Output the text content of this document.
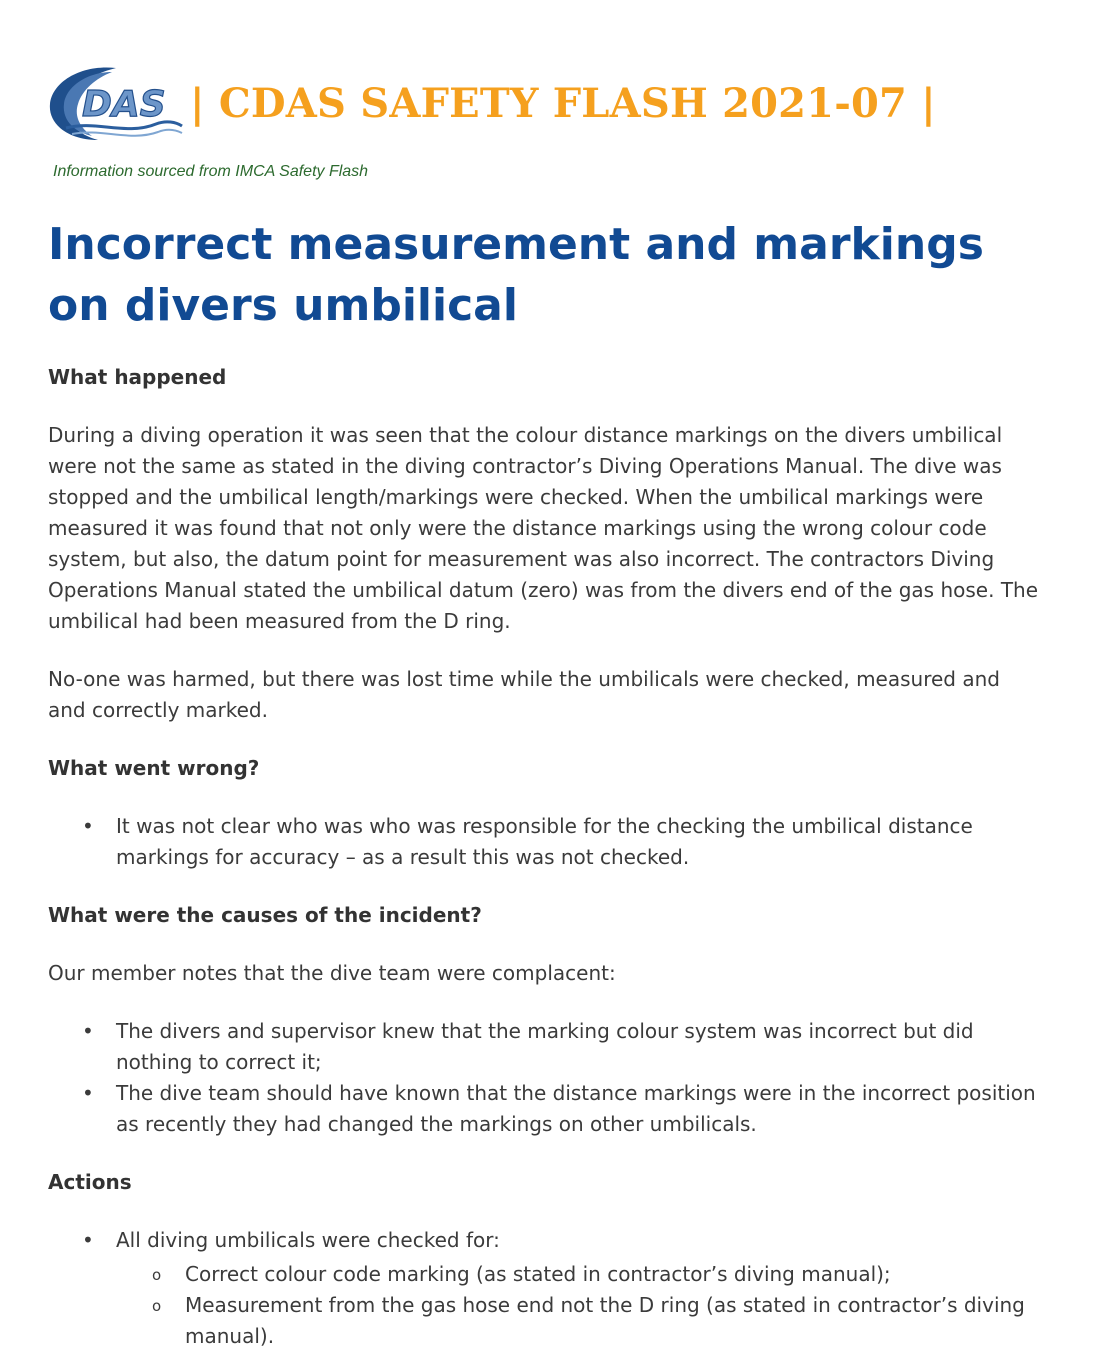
DAS | CDAS SAFETY FLASH 2021-07 |
Information sourced from IMCA Safety Flash
Incorrect measurement and markings on divers umbilical
What happened

During a diving operation it was seen that the colour distance markings on the divers umbilical were not the same as stated in the diving contractor’s Diving Operations Manual. The dive was stopped and the umbilical length/markings were checked. When the umbilical markings were measured it was found that not only were the distance markings using the wrong colour code system, but also, the datum point for measurement was also incorrect. The contractors Diving Operations Manual stated the umbilical datum (zero) was from the divers end of the gas hose. The umbilical had been measured from the D ring.

No-one was harmed, but there was lost time while the umbilicals were checked, measured and and correctly marked.

What went wrong?
• It was not clear who was who was responsible for the checking the umbilical distance markings for accuracy – as a result this was not checked.
What were the causes of the incident?

Our member notes that the dive team were complacent:

• The divers and supervisor knew that the marking colour system was incorrect but did nothing to correct it;
• The dive team should have known that the distance markings were in the incorrect position as recently they had changed the markings on other umbilicals.
Actions
• All diving umbilicals were checked for:
o Correct colour code marking (as stated in contractor’s diving manual);
o Measurement from the gas hose end not the D ring (as stated in contractor’s diving manual).
